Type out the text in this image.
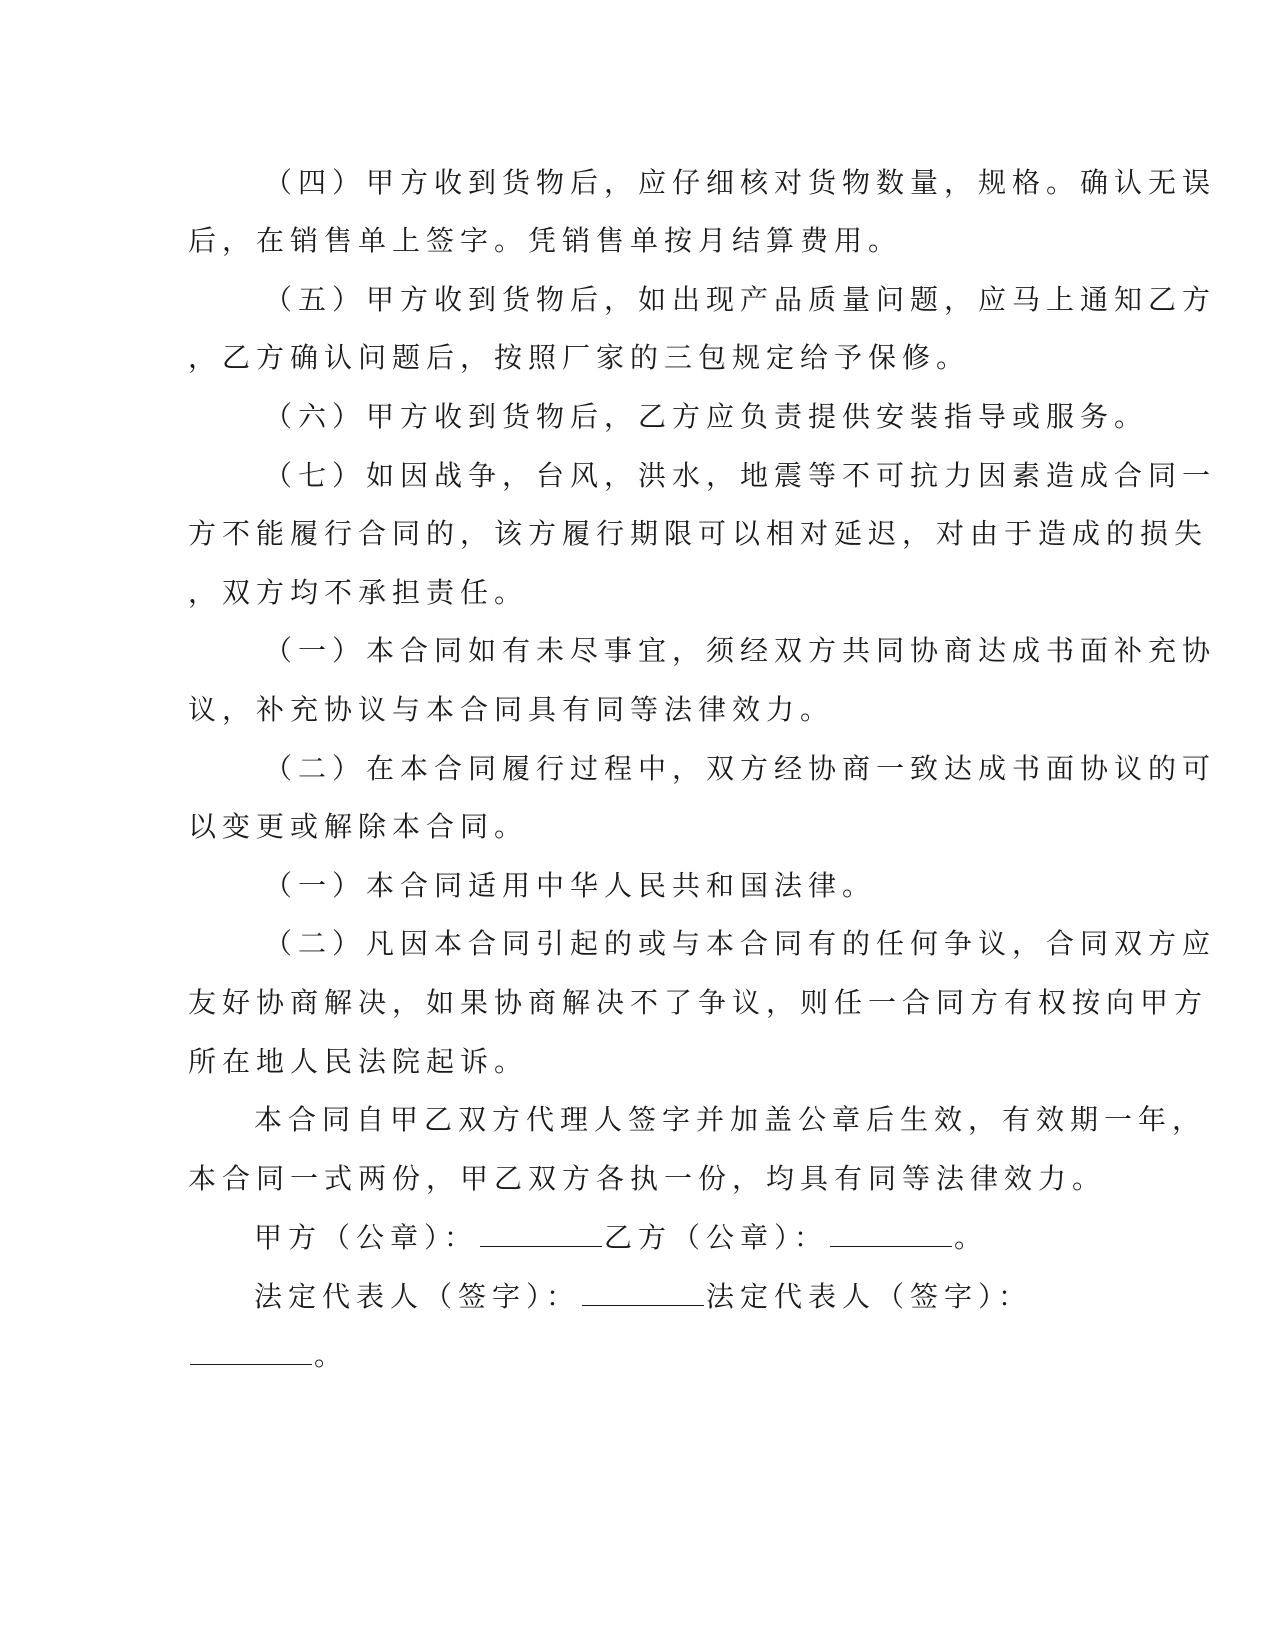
（四）甲方收到货物后，应仔细核对货物数量，规格。确认无误

后，在销售单上签字。凭销售单按月结算费用。

（五）甲方收到货物后，如出现产品质量问题，应马上通知乙方

，乙方确认问题后，按照厂家的三包规定给予保修。

（六）甲方收到货物后，乙方应负责提供安装指导或服务。

（七）如因战争，台风，洪水，地震等不可抗力因素造成合同一

方不能履行合同的，该方履行期限可以相对延迟，对由于造成的损失

，双方均不承担责任。

（一）本合同如有未尽事宜，须经双方共同协商达成书面补充协

议，补充协议与本合同具有同等法律效力。

（二）在本合同履行过程中，双方经协商一致达成书面协议的可

以变更或解除本合同。

（一）本合同适用中华人民共和国法律。

（二）凡因本合同引起的或与本合同有的任何争议，合同双方应

友好协商解决，如果协商解决不了争议，则任一合同方有权按向甲方

所在地人民法院起诉。

本合同自甲乙双方代理人签字并加盖公章后生效，有效期一年，

本合同一式两份，甲乙双方各执一份，均具有同等法律效力。

甲方（公章）：	乙方（公章）：	。

法定代表人（签字）：	法定代表人（签字）：

。
